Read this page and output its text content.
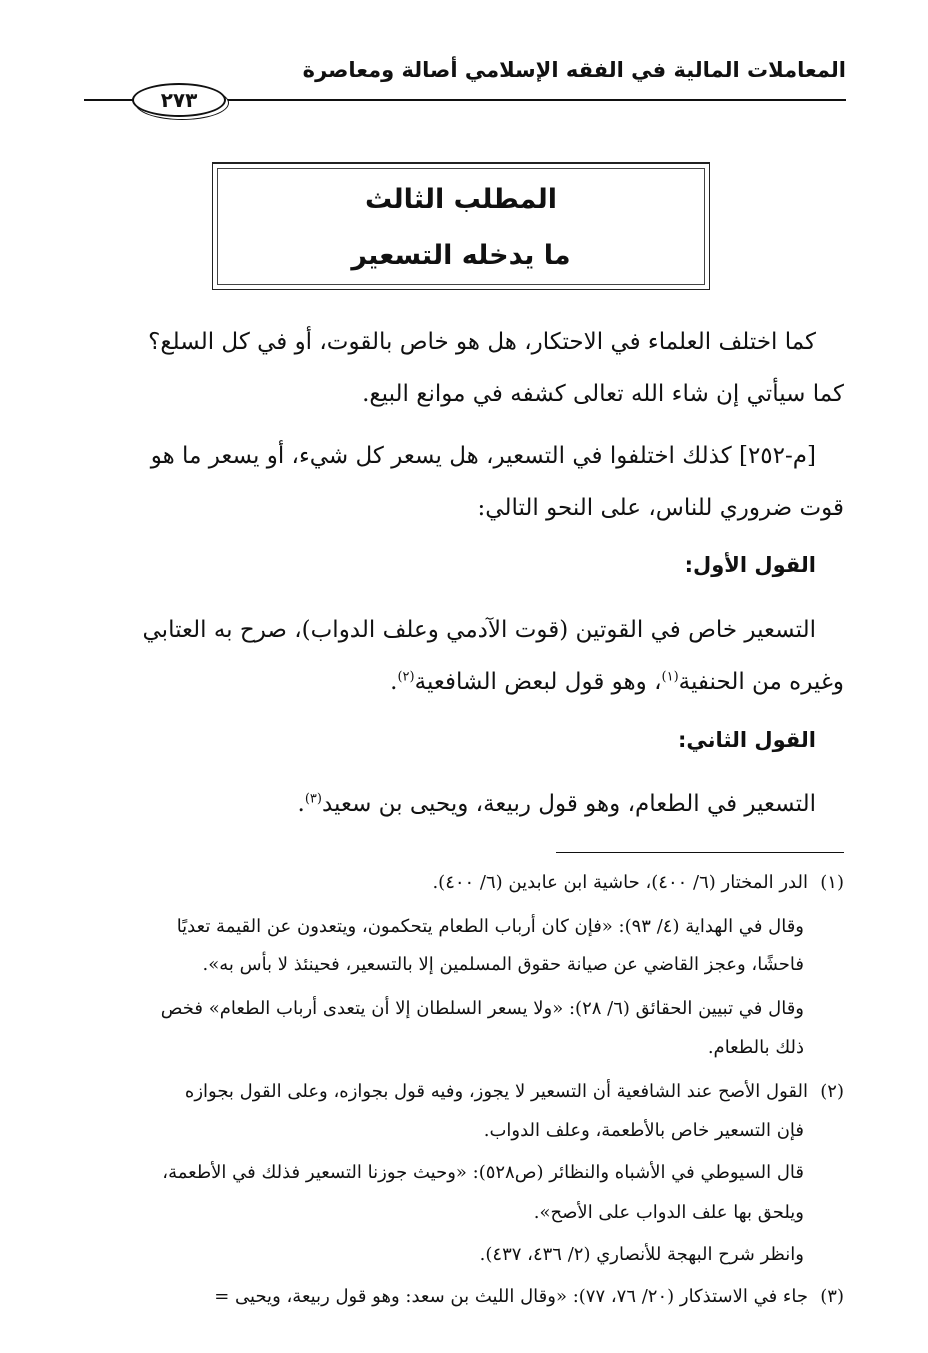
المعاملات المالية في الفقه الإسلامي أصالة ومعاصرة
٢٧٣
المطلب الثالث
ما يدخله التسعير
كما اختلف العلماء في الاحتكار، هل هو خاص بالقوت، أو في كل السلع؟
كما سيأتي إن شاء الله تعالى كشفه في موانع البيع.
[م-٢٥٢] كذلك اختلفوا في التسعير، هل يسعر كل شيء، أو يسعر ما هو
قوت ضروري للناس، على النحو التالي:
القول الأول:
التسعير خاص في القوتين (قوت الآدمي وعلف الدواب)، صرح به العتابي
وغيره من الحنفية$^{(١)}$، وهو قول لبعض الشافعية$^{(٢)}$.
القول الثاني:
التسعير في الطعام، وهو قول ربيعة، ويحيى بن سعيد$^{(٣)}$.
(١)الدر المختار (٦/ ٤٠٠)، حاشية ابن عابدين (٦/ ٤٠٠).
وقال في الهداية (٤/ ٩٣): «فإن كان أرباب الطعام يتحكمون، ويتعدون عن القيمة تعديًا
فاحشًا، وعجز القاضي عن صيانة حقوق المسلمين إلا بالتسعير، فحينئذ لا بأس به».
وقال في تبيين الحقائق (٦/ ٢٨): «ولا يسعر السلطان إلا أن يتعدى أرباب الطعام» فخص
ذلك بالطعام.
(٢)القول الأصح عند الشافعية أن التسعير لا يجوز، وفيه قول بجوازه، وعلى القول بجوازه
فإن التسعير خاص بالأطعمة، وعلف الدواب.
قال السيوطي في الأشباه والنظائر (ص٥٢٨): «وحيث جوزنا التسعير فذلك في الأطعمة،
ويلحق بها علف الدواب على الأصح».
وانظر شرح البهجة للأنصاري (٢/ ٤٣٦، ٤٣٧).
(٣)جاء في الاستذكار (٢٠/ ٧٦، ٧٧): «وقال الليث بن سعد: وهو قول ربيعة، ويحيى =
